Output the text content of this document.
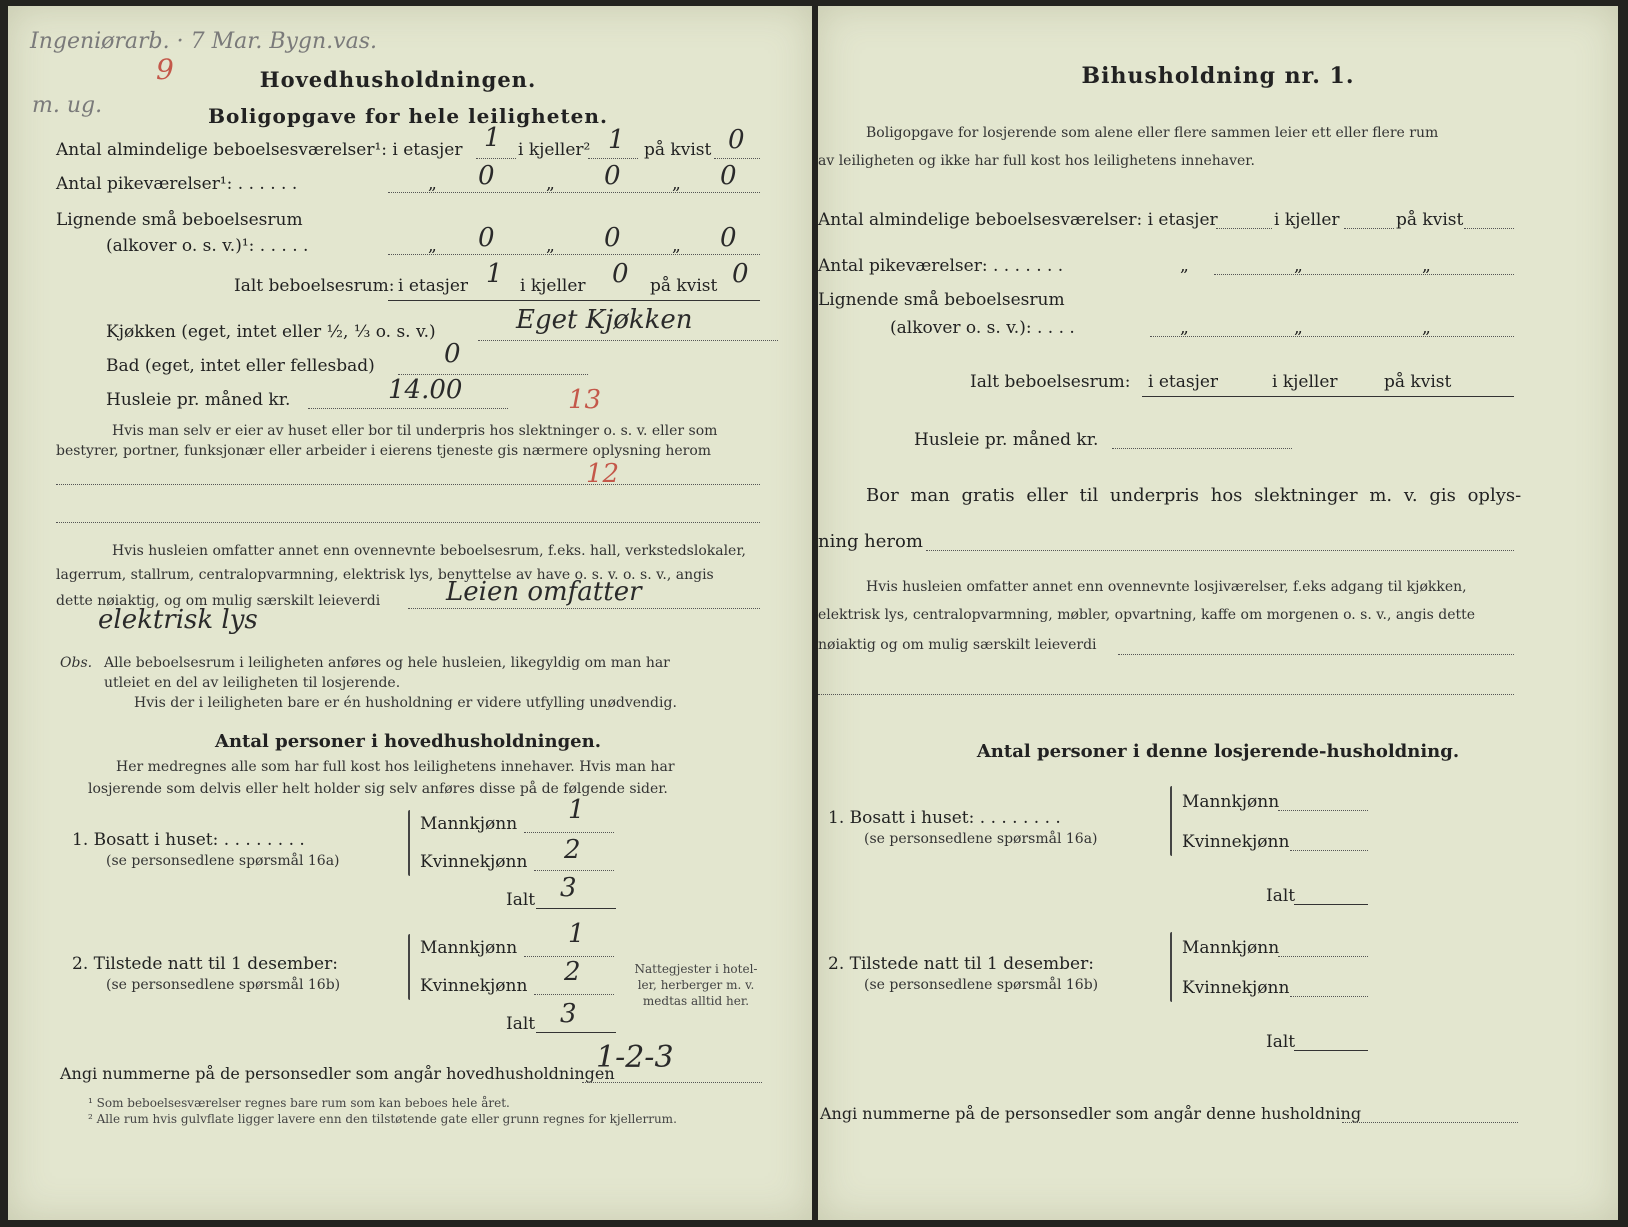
Ingeniørarb. · 7 Mar. Bygn.vas.
m. ug.
9	Hovedhusholdningen.
Boligopgave for hele leiligheten.
Antal almindelige beboelsesværelser¹: i etasjer 1 i kjeller² 1 på kvist 0
Antal pikeværelser¹: . . . . . .	„	„	„
0	0	0
Lignende små beboelsesrum
(alkover o. s. v.)¹: . . . . .	„	„	„
0	0	0
Ialt beboelsesrum: i etasjer 1 i kjeller 0 på kvist 0
Kjøkken (eget, intet eller ½, ⅓ o. s. v.)	Eget Kjøkken
Bad (eget, intet eller fellesbad)	0
Husleie pr. måned kr.	14.00	13
12
Hvis man selv er eier av huset eller bor til underpris hos slektninger o. s. v. eller som
bestyrer, portner, funksjonær eller arbeider i eierens tjeneste gis nærmere oplysning herom
Hvis husleien omfatter annet enn ovennevnte beboelsesrum, f.eks. hall, verkstedslokaler,
lagerrum, stallrum, centralopvarmning, elektrisk lys, benyttelse av have o. s. v. o. s. v., angis
dette nøiaktig, og om mulig særskilt leieverdi	Leien omfatter
elektrisk lys
Obs. Alle beboelsesrum i leiligheten anføres og hele husleien, likegyldig om man har
utleiet en del av leiligheten til losjerende.
Hvis der i leiligheten bare er én husholdning er videre utfylling unødvendig.
Antal personer i hovedhusholdningen.
Her medregnes alle som har full kost hos leilighetens innehaver. Hvis man har
losjerende som delvis eller helt holder sig selv anføres disse på de følgende sider.
1. Bosatt i huset: . . . . . . . .
(se personsedlene spørsmål 16a)
Mannkjønn 1
Kvinnekjønn 2
Ialt 3
2. Tilstede natt til 1 desember:
(se personsedlene spørsmål 16b)
Mannkjønn 1
Kvinnekjønn 2
Ialt 3
Nattegjester i hotel-
ler, herberger m. v.
medtas alltid her.
Angi nummerne på de personsedler som angår hovedhusholdningen
1-2-3
¹ Som beboelsesværelser regnes bare rum som kan beboes hele året.
² Alle rum hvis gulvflate ligger lavere enn den tilstøtende gate eller grunn regnes for kjellerrum.
Bihusholdning nr. 1.
Boligopgave for losjerende som alene eller flere sammen leier ett eller flere rum
av leiligheten og ikke har full kost hos leilighetens innehaver.
Antal almindelige beboelsesværelser: i etasjer	i kjeller	på kvist
Antal pikeværelser: . . . . . . .	„	„	„
Lignende små beboelsesrum
(alkover o. s. v.): . . . .	„	„	„
Ialt beboelsesrum: i etasjer	i kjeller	på kvist
Husleie pr. måned kr.
Bor man gratis eller til underpris hos slektninger m. v. gis oplys-
ning herom
Hvis husleien omfatter annet enn ovennevnte losjiværelser, f.eks adgang til kjøkken,
elektrisk lys, centralopvarmning, møbler, opvartning, kaffe om morgenen o. s. v., angis dette
nøiaktig og om mulig særskilt leieverdi
Antal personer i denne losjerende-husholdning.
1. Bosatt i huset: . . . . . . . .
(se personsedlene spørsmål 16a)
Mannkjønn
Kvinnekjønn
Ialt
2. Tilstede natt til 1 desember:
(se personsedlene spørsmål 16b)
Mannkjønn
Kvinnekjønn
Ialt
Angi nummerne på de personsedler som angår denne husholdning
